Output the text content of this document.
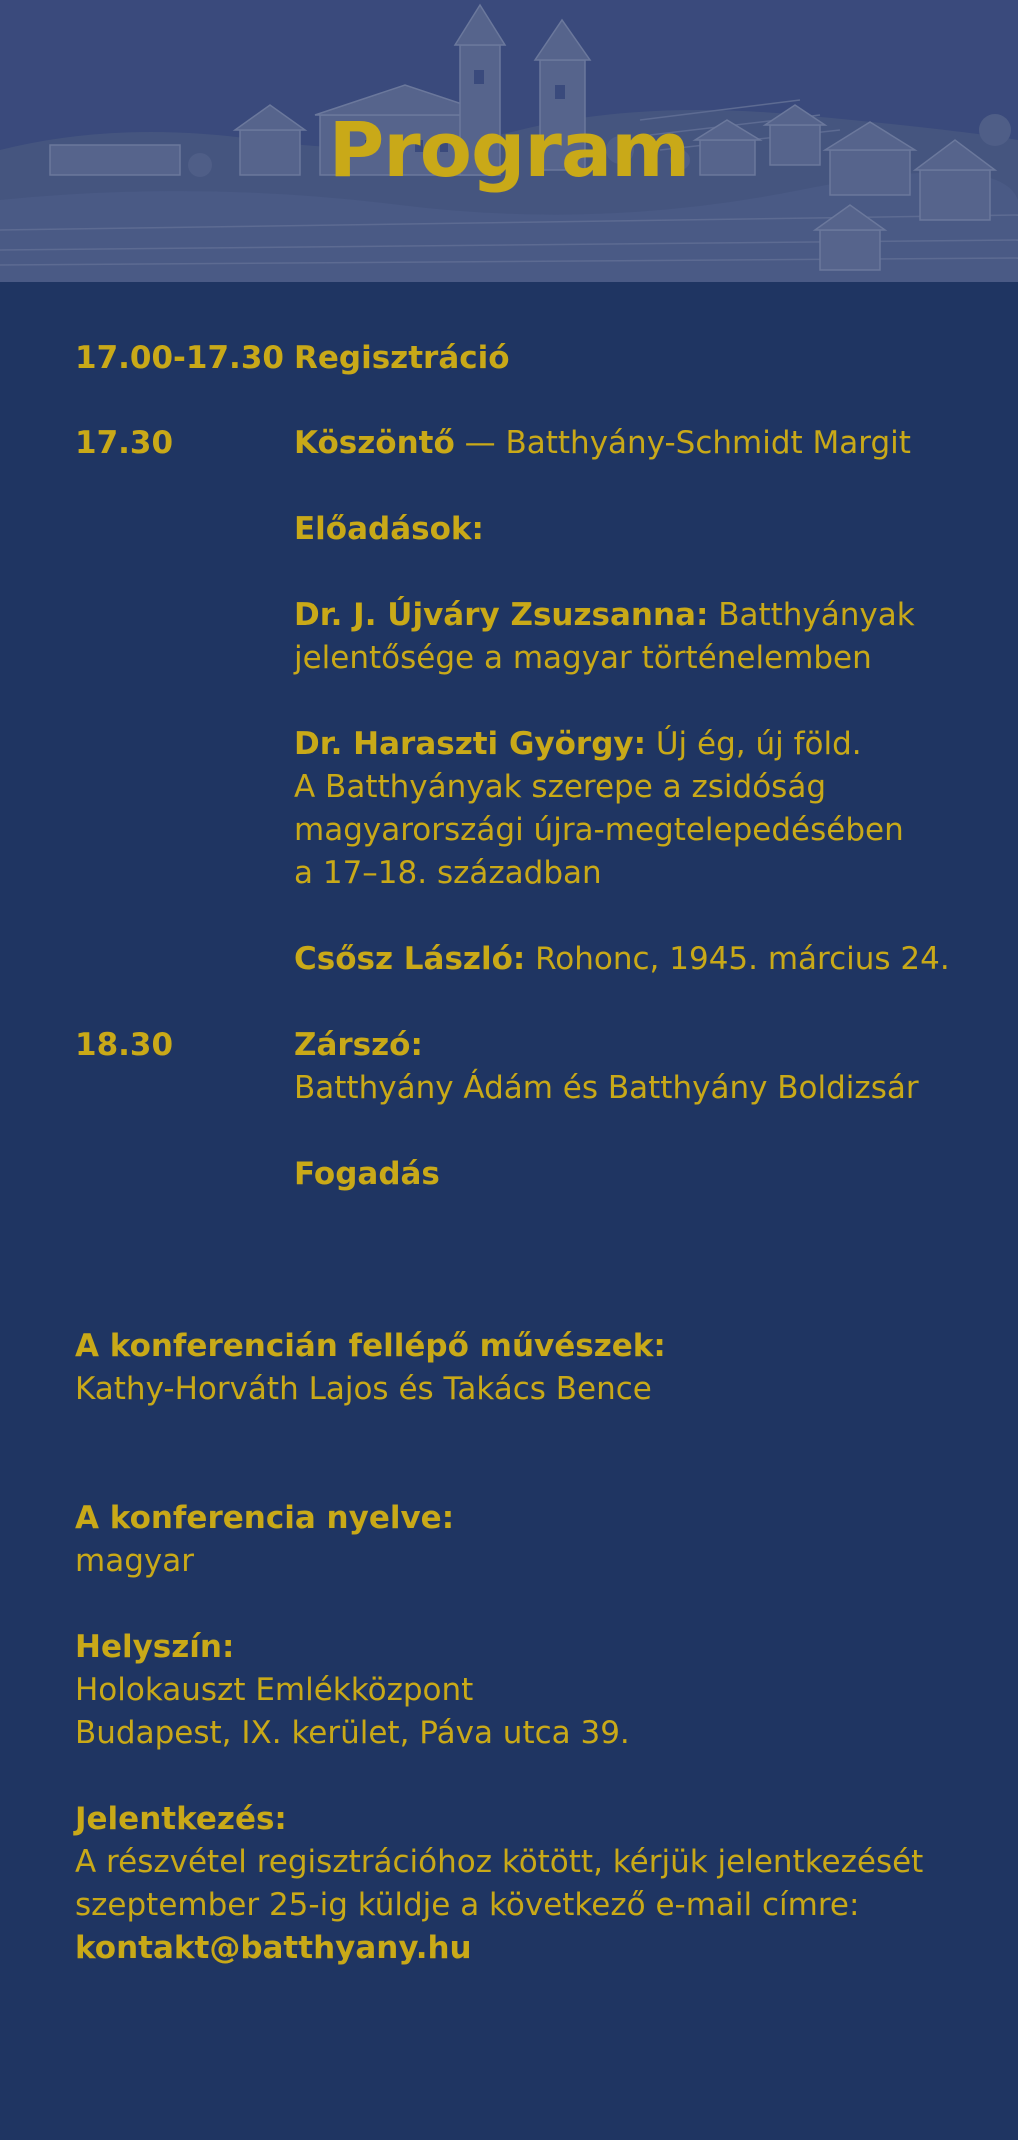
Program
17.00-17.30 Regisztráció
17.30	Köszöntő — Batthyány-Schmidt Margit
Előadások:
Dr. J. Újváry Zsuzsanna: Batthyányak
jelentősége a magyar történelemben
Dr. Haraszti György: Új ég, új föld.
A Batthyányak szerepe a zsidóság
magyarországi újra-megtelepedésében
a 17–18. században
Csősz László: Rohonc, 1945. március 24.
18.30	Zárszó:
Batthyány Ádám és Batthyány Boldizsár
Fogadás
A konferencián fellépő művészek:
Kathy-Horváth Lajos és Takács Bence
A konferencia nyelve:
magyar
Helyszín:
Holokauszt Emlékközpont
Budapest, IX. kerület, Páva utca 39.
Jelentkezés:
A részvétel regisztrációhoz kötött, kérjük jelentkezését
szeptember 25-ig küldje a következő e-mail címre:
kontakt@batthyany.hu
